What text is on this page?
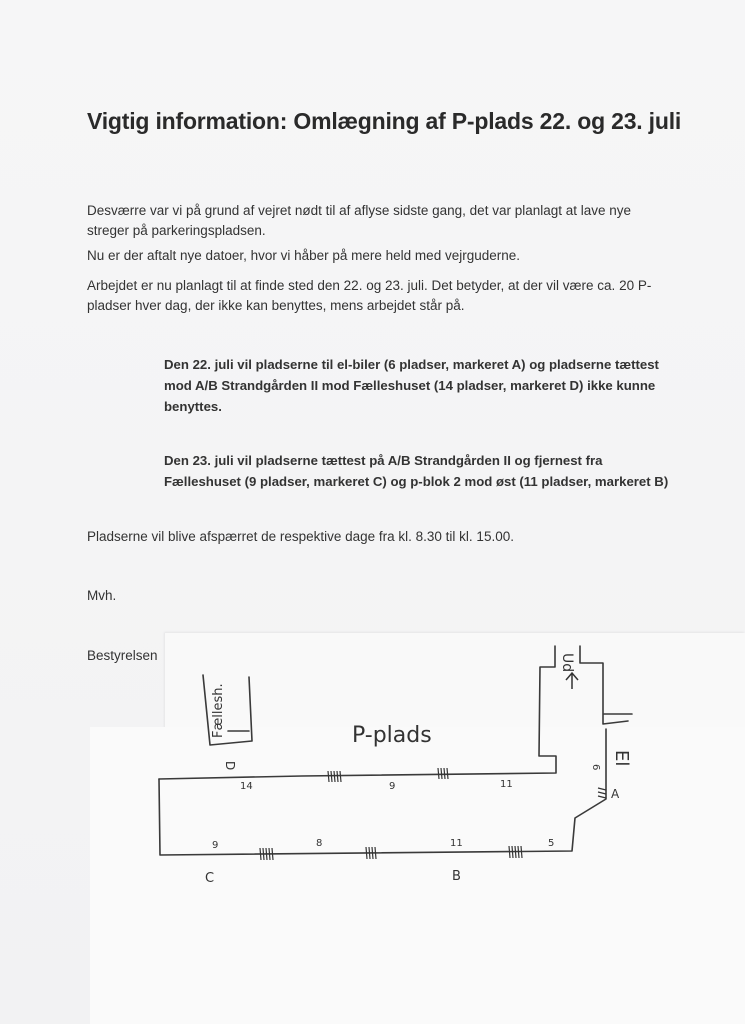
Vigtig information: Omlægning af P-plads 22. og 23. juli
Desværre var vi på grund af vejret nødt til af aflyse sidste gang, det var planlagt at lave nye streger på parkeringspladsen.
Nu er der aftalt nye datoer, hvor vi håber på mere held med vejrguderne.
Arbejdet er nu planlagt til at finde sted den 22. og 23. juli. Det betyder, at der vil være ca. 20 P-pladser hver dag, der ikke kan benyttes, mens arbejdet står på.
Den 22. juli vil pladserne til el-biler (6 pladser, markeret A) og pladserne tættest mod A/B Strandgården II mod Fælleshuset (14 pladser, markeret D) ikke kunne benyttes.
Den 23. juli vil pladserne tættest på A/B Strandgården II og fjernest fra Fælleshuset (9 pladser, markeret C) og p-blok 2 mod øst (11 pladser, markeret B)
Pladserne vil blive afspærret de respektive dage fra kl. 8.30 til kl. 15.00.
Mvh.
Bestyrelsen
P-plads
Fællesh.
Ud
El
A
B
C
D
14	9	11
9	8	11	5
6
